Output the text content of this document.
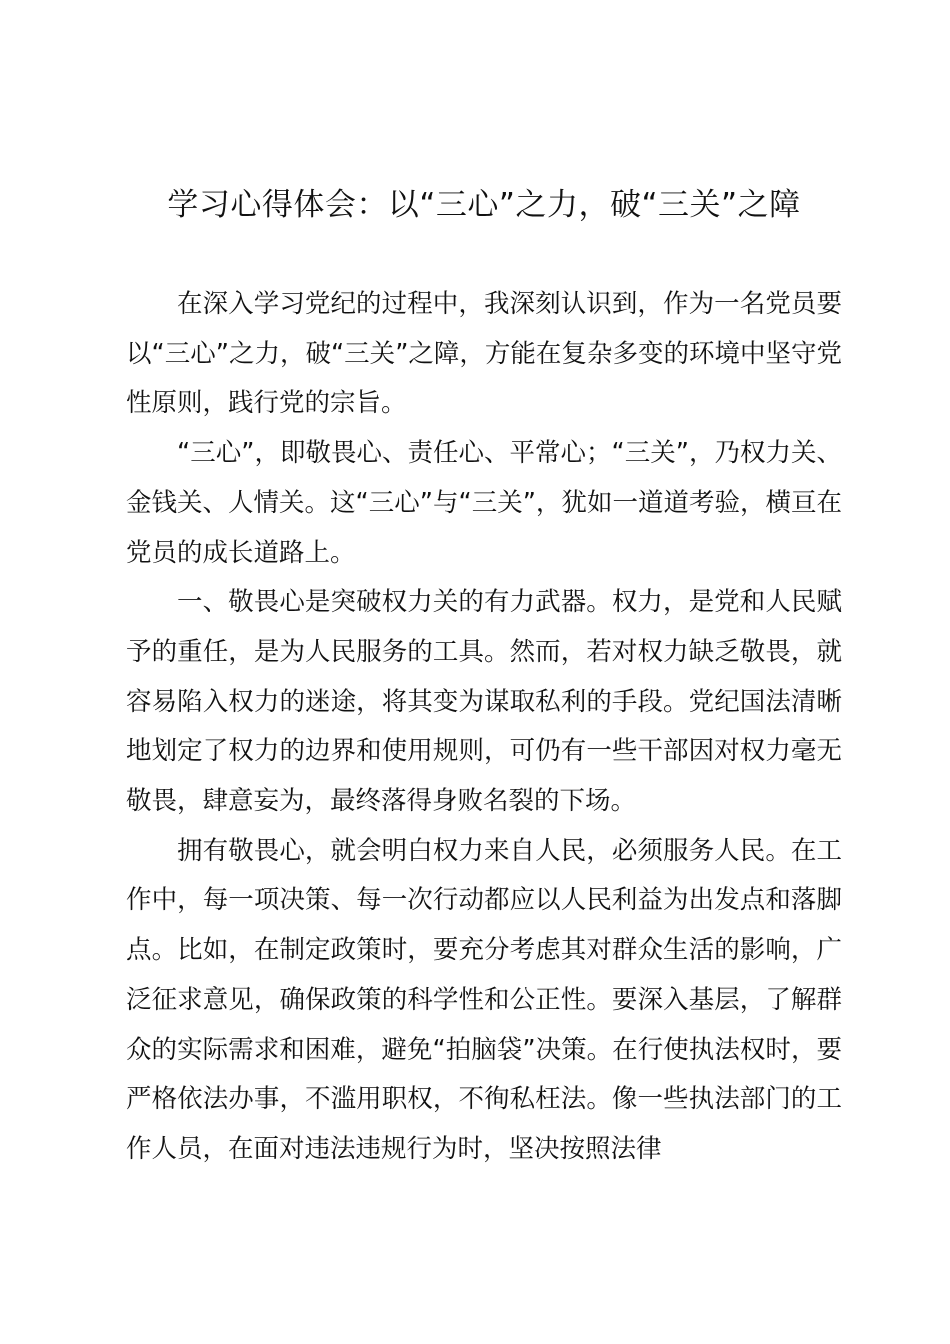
学习心得体会：以“三心”之力，破“三关”之障

在深入学习党纪的过程中，我深刻认识到，作为一名党员要以“三心”之力，破“三关”之障，方能在复杂多变的环境中坚守党性原则，践行党的宗旨。

“三心”，即敬畏心、责任心、平常心；“三关”，乃权力关、金钱关、人情关。这“三心”与“三关”，犹如一道道考验，横亘在党员的成长道路上。

一、敬畏心是突破权力关的有力武器。权力，是党和人民赋予的重任，是为人民服务的工具。然而，若对权力缺乏敬畏，就容易陷入权力的迷途，将其变为谋取私利的手段。党纪国法清晰地划定了权力的边界和使用规则，可仍有一些干部因对权力毫无敬畏，肆意妄为，最终落得身败名裂的下场。

拥有敬畏心，就会明白权力来自人民，必须服务人民。在工作中，每一项决策、每一次行动都应以人民利益为出发点和落脚点。比如，在制定政策时，要充分考虑其对群众生活的影响，广泛征求意见，确保政策的科学性和公正性。要深入基层，了解群众的实际需求和困难，避免“拍脑袋”决策。在行使执法权时，要严格依法办事，不滥用职权，不徇私枉法。像一些执法部门的工作人员，在面对违法违规行为时，坚决按照法律
